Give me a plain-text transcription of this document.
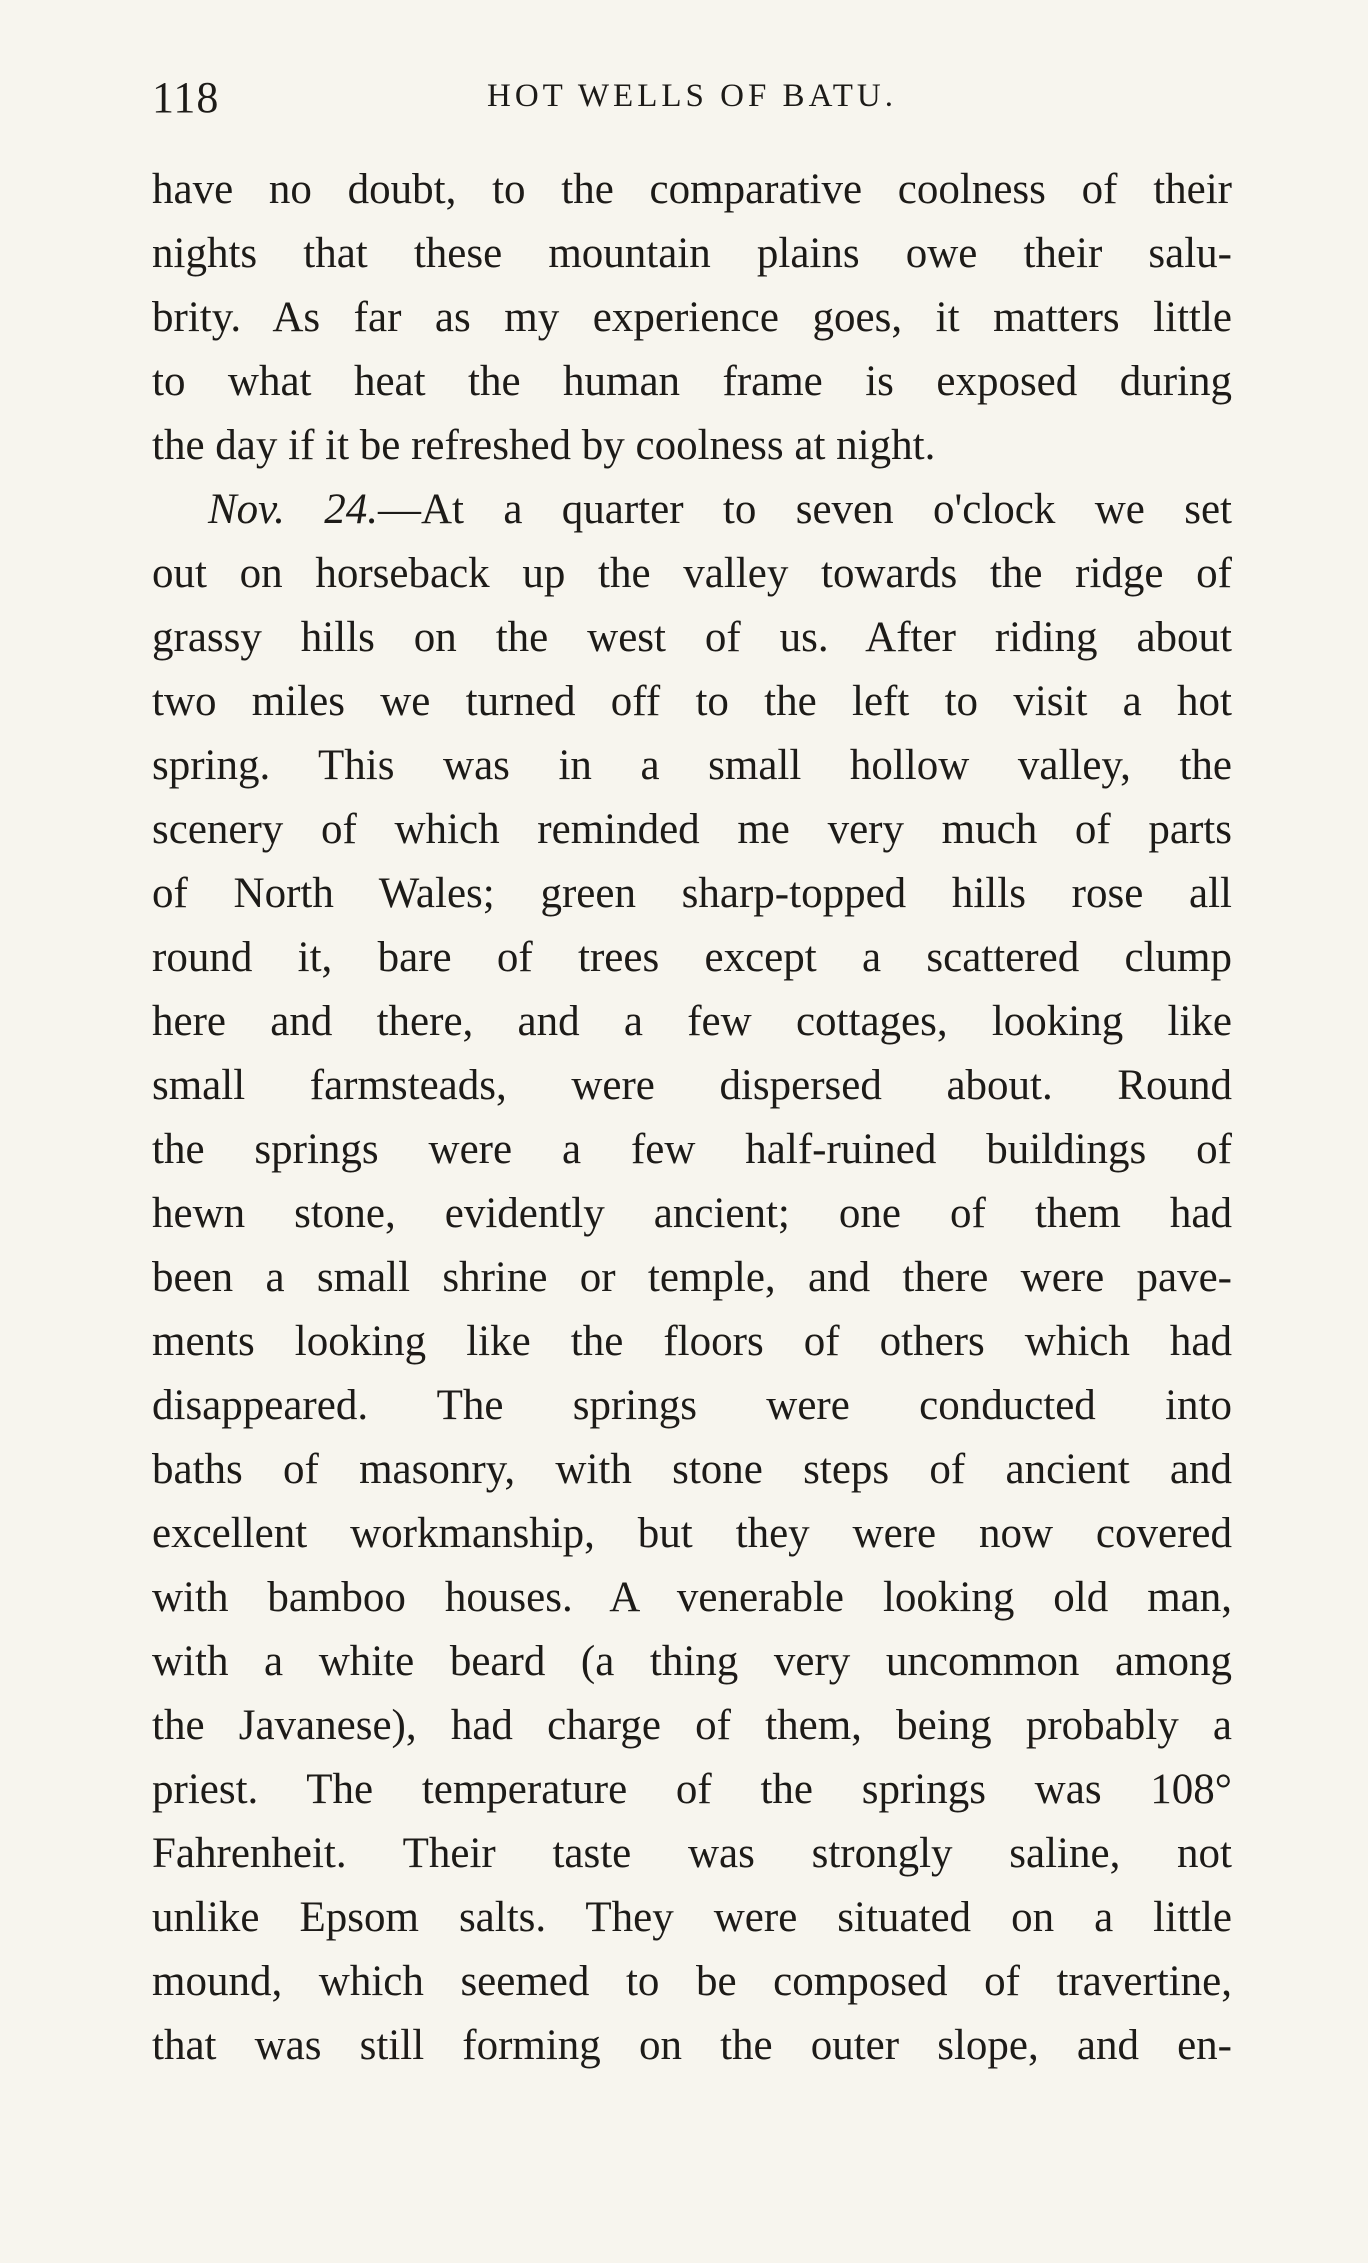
118	HOT WELLS OF BATU.
have no doubt, to the comparative coolness of their
nights that these mountain plains owe their salu-
brity. As far as my experience goes, it matters little
to what heat the human frame is exposed during
the day if it be refreshed by coolness at night.
Nov. 24.—At a quarter to seven o'clock we set
out on horseback up the valley towards the ridge of
grassy hills on the west of us. After riding about
two miles we turned off to the left to visit a hot
spring. This was in a small hollow valley, the
scenery of which reminded me very much of parts
of North Wales; green sharp-topped hills rose all
round it, bare of trees except a scattered clump
here and there, and a few cottages, looking like
small farmsteads, were dispersed about. Round
the springs were a few half-ruined buildings of
hewn stone, evidently ancient; one of them had
been a small shrine or temple, and there were pave-
ments looking like the floors of others which had
disappeared. The springs were conducted into
baths of masonry, with stone steps of ancient and
excellent workmanship, but they were now covered
with bamboo houses. A venerable looking old man,
with a white beard (a thing very uncommon among
the Javanese), had charge of them, being probably a
priest. The temperature of the springs was 108°
Fahrenheit. Their taste was strongly saline, not
unlike Epsom salts. They were situated on a little
mound, which seemed to be composed of travertine,
that was still forming on the outer slope, and en-
